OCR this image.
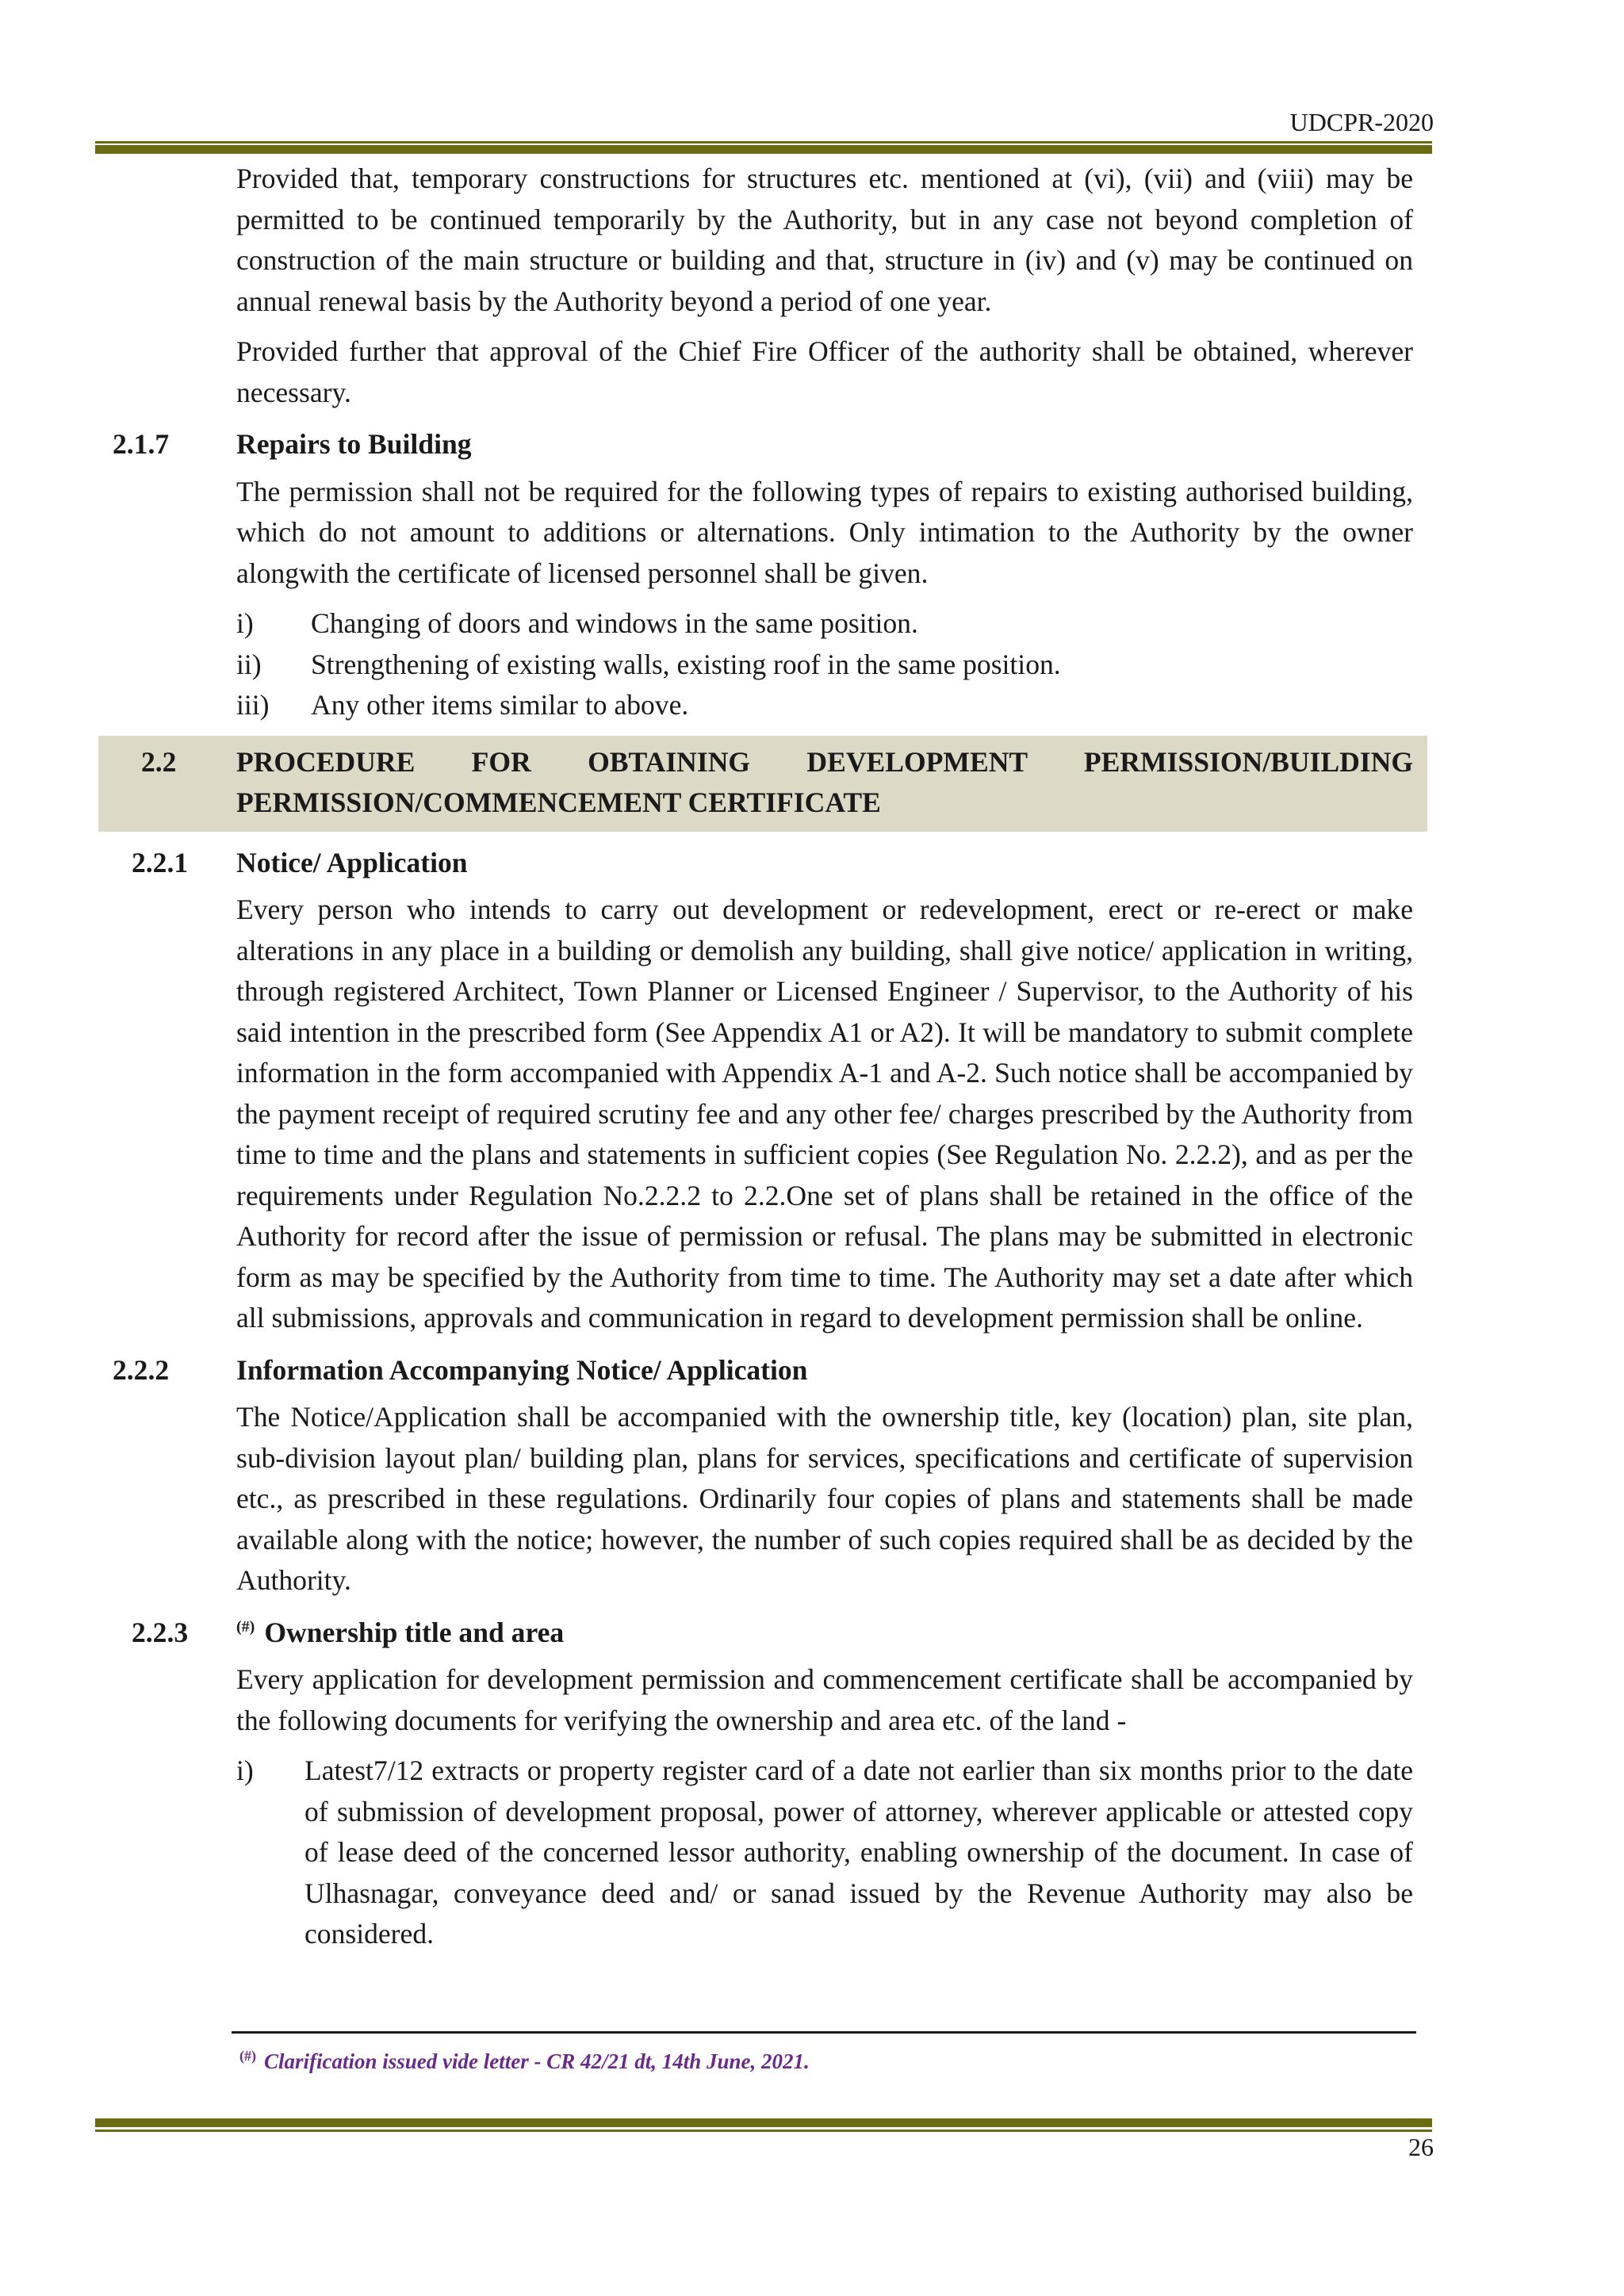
UDCPR-2020

Provided that, temporary constructions for structures etc. mentioned at (vi), (vii) and (viii) may be permitted to be continued temporarily by the Authority, but in any case not beyond completion of construction of the main structure or building and that, structure in (iv) and (v) may be continued on annual renewal basis by the Authority beyond a period of one year.

Provided further that approval of the Chief Fire Officer of the authority shall be obtained, wherever necessary.

2.1.7	Repairs to Building

The permission shall not be required for the following types of repairs to existing authorised building, which do not amount to additions or alternations. Only intimation to the Authority by the owner alongwith the certificate of licensed personnel shall be given.

i)	Changing of doors and windows in the same position.
ii)	Strengthening of existing walls, existing roof in the same position.
iii)	Any other items similar to above.
2.2	PROCEDURE FOR OBTAINING DEVELOPMENT PERMISSION/BUILDING
PERMISSION/COMMENCEMENT CERTIFICATE
2.2.1	Notice/ Application

Every person who intends to carry out development or redevelopment, erect or re-erect or make alterations in any place in a building or demolish any building, shall give notice/ application in writing, through registered Architect, Town Planner or Licensed Engineer / Supervisor, to the Authority of his said intention in the prescribed form (See Appendix A1 or A2). It will be mandatory to submit complete information in the form accompanied with Appendix A-1 and A-2. Such notice shall be accompanied by the payment receipt of required scrutiny fee and any other fee/ charges prescribed by the Authority from time to time and the plans and statements in sufficient copies (See Regulation No. 2.2.2), and as per the requirements under Regulation No.2.2.2 to 2.2.One set of plans shall be retained in the office of the Authority for record after the issue of permission or refusal. The plans may be submitted in electronic form as may be specified by the Authority from time to time. The Authority may set a date after which all submissions, approvals and communication in regard to development permission shall be online.

2.2.2	Information Accompanying Notice/ Application

The Notice/Application shall be accompanied with the ownership title, key (location) plan, site plan, sub-division layout plan/ building plan, plans for services, specifications and certificate of supervision etc., as prescribed in these regulations. Ordinarily four copies of plans and statements shall be made available along with the notice; however, the number of such copies required shall be as decided by the Authority.

2.2.3	(#) Ownership title and area

Every application for development permission and commencement certificate shall be accompanied by the following documents for verifying the ownership and area etc. of the land -

i)	Latest7/12 extracts or property register card of a date not earlier than six months prior to the date of submission of development proposal, power of attorney, wherever applicable or attested copy of lease deed of the concerned lessor authority, enabling ownership of the document. In case of Ulhasnagar, conveyance deed and/ or sanad issued by the Revenue Authority may also be considered.
(#) Clarification issued vide letter - CR 42/21 dt, 14th June, 2021.
26
